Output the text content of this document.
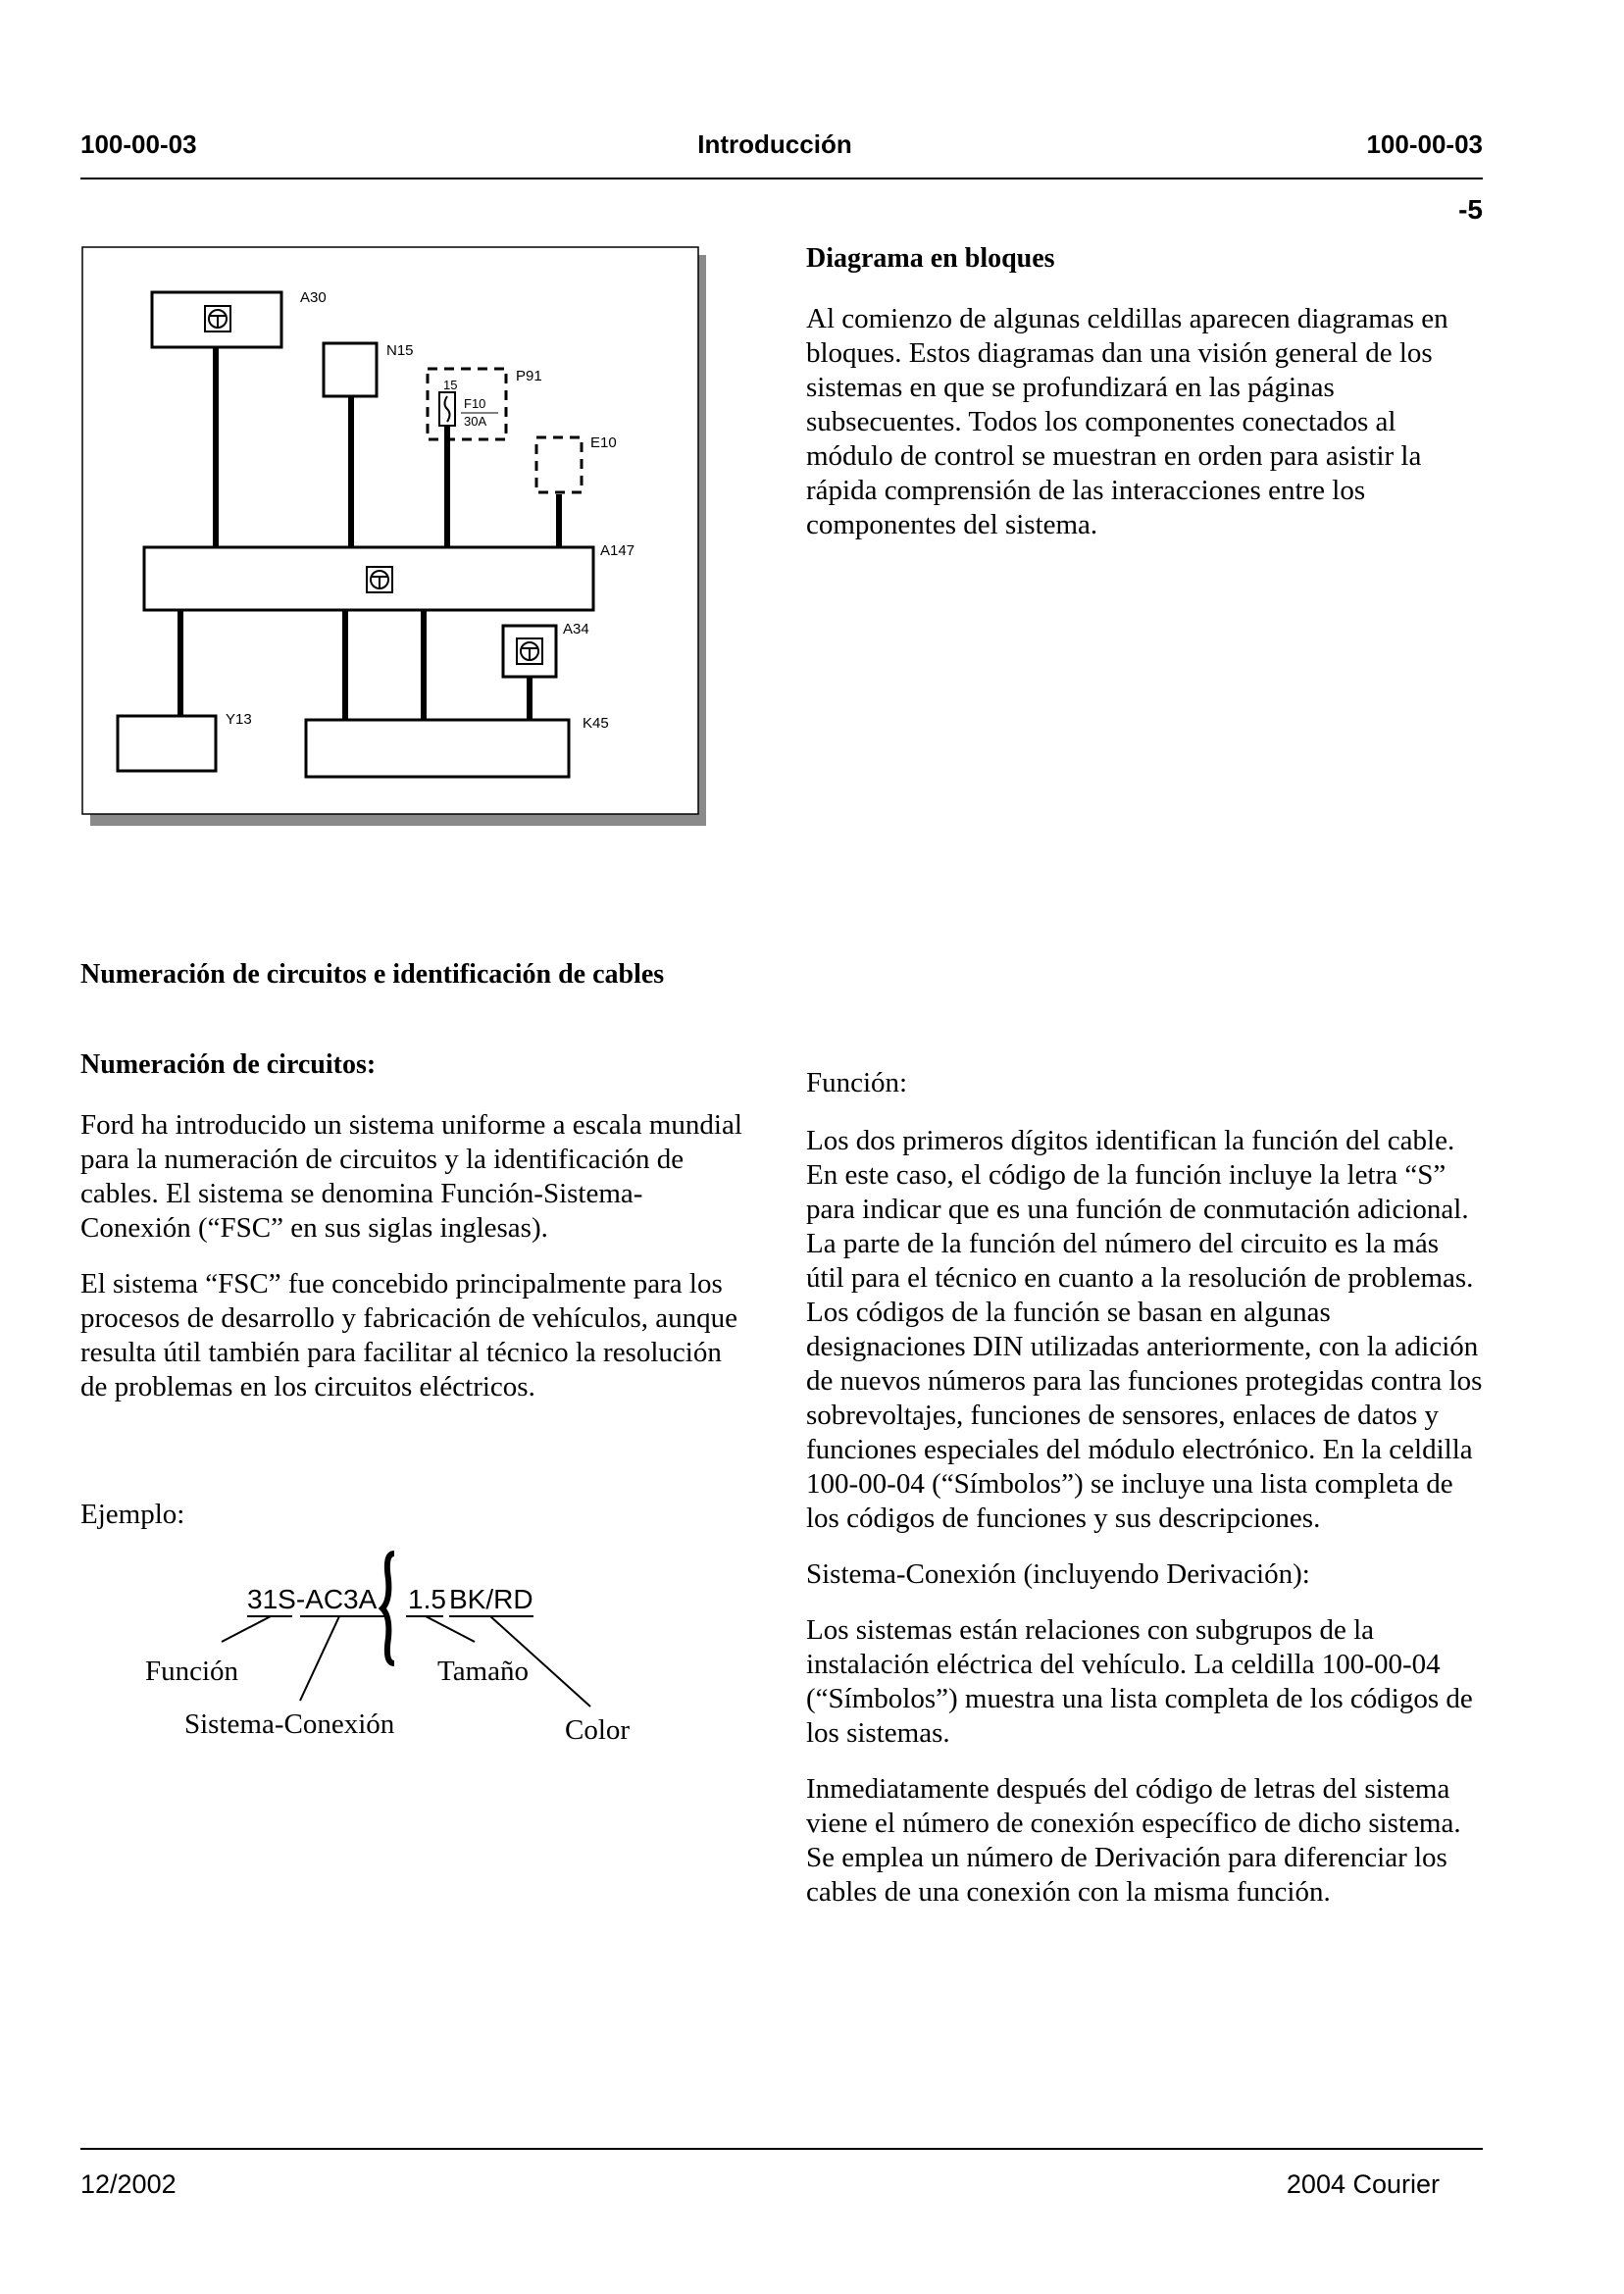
100-00-03	Introducción	100-00-03
-5
A30
N15
P91
15
F10
30A
E10
A147
A34
Y13	K45
Diagrama en bloques

Al comienzo de algunas celdillas aparecen diagramas en bloques. Estos diagramas dan una visión general de los sistemas en que se profundizará en las páginas subsecuentes. Todos los componentes conectados al módulo de control se muestran en orden para asistir la rápida comprensión de las interacciones entre los componentes del sistema.

Numeración de circuitos e identificación de cables
Numeración de circuitos:

Ford ha introducido un sistema uniforme a escala mundial para la numeración de circuitos y la identificación de cables. El sistema se denomina Función-Sistema-Conexión (“FSC” en sus siglas inglesas).

El sistema “FSC” fue concebido principalmente para los procesos de desarrollo y fabricación de vehículos, aunque resulta útil también para facilitar al técnico la resolución de problemas en los circuitos eléctricos.

Ejemplo:
31S-AC3A 1.5 BK/RD
Función
Sistema-Conexión
Tamaño
Color
Función:

Los dos primeros dígitos identifican la función del cable. En este caso, el código de la función incluye la letra “S” para indicar que es una función de conmutación adicional. La parte de la función del número del circuito es la más útil para el técnico en cuanto a la resolución de problemas. Los códigos de la función se basan en algunas designaciones DIN utilizadas anteriormente, con la adición de nuevos números para las funciones protegidas contra los sobrevoltajes, funciones de sensores, enlaces de datos y funciones especiales del módulo electrónico. En la celdilla 100-00-04 (“Símbolos”) se incluye una lista completa de los códigos de funciones y sus descripciones.

Sistema-Conexión (incluyendo Derivación):

Los sistemas están relaciones con subgrupos de la instalación eléctrica del vehículo. La celdilla 100-00-04 (“Símbolos”) muestra una lista completa de los códigos de los sistemas.

Inmediatamente después del código de letras del sistema viene el número de conexión específico de dicho sistema. Se emplea un número de Derivación para diferenciar los cables de una conexión con la misma función.

12/2002	2004 Courier
